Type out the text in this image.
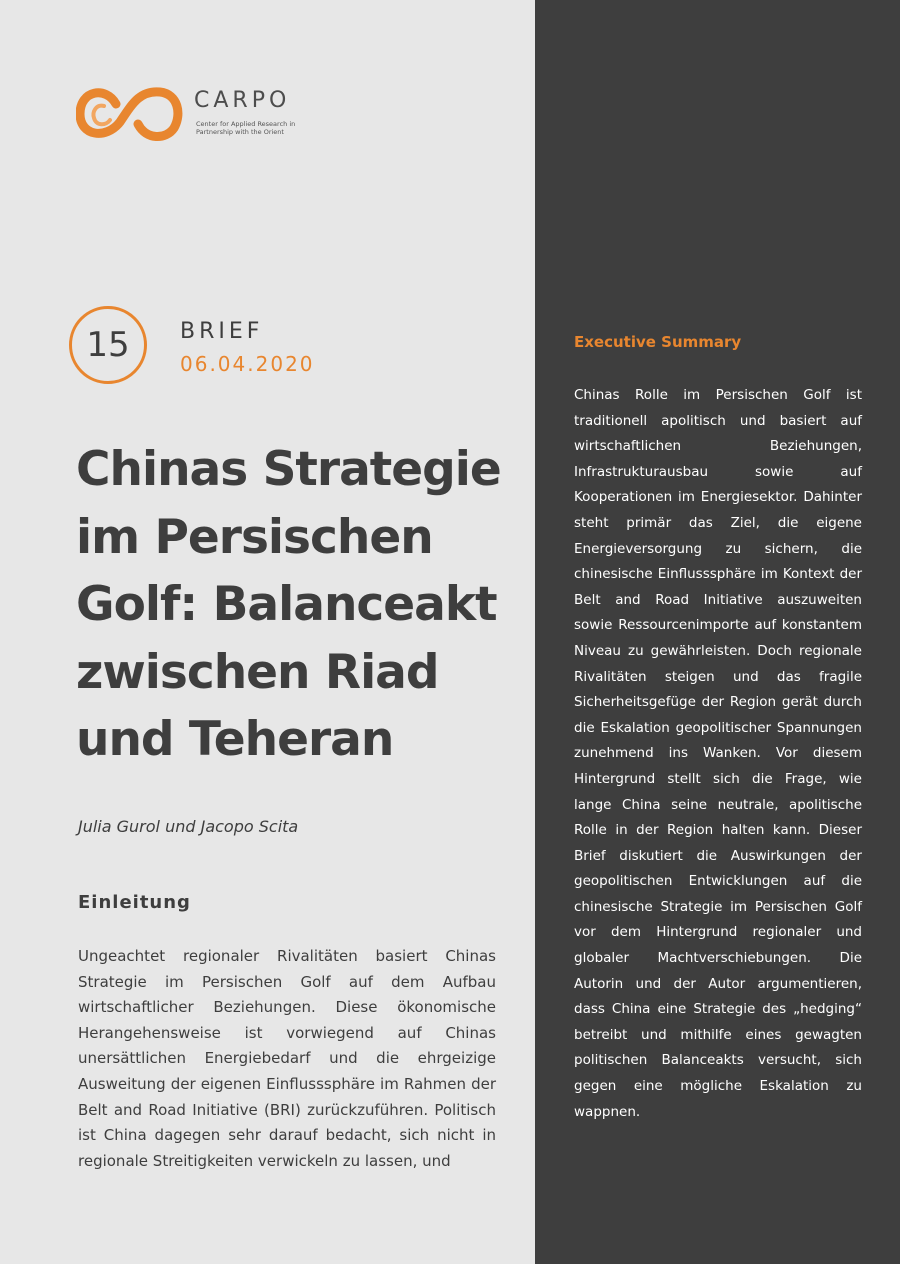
CARPO
Center for Applied Research in Partnership with the Orient
15	BRIEF
06.04.2020
Chinas Strategie im Persischen Golf: Balanceakt zwischen Riad und Teheran
Julia Gurol und Jacopo Scita
Einleitung

Ungeachtet regionaler Rivalitäten basiert Chinas Strategie im Persischen Golf auf dem Aufbau wirtschaftlicher Beziehungen. Diese ökonomische Herangehensweise ist vorwiegend auf Chinas unersättlichen Energiebedarf und die ehrgeizige Ausweitung der eigenen Einflusssphäre im Rahmen der Belt and Road Initiative (BRI) zurückzuführen. Politisch ist China dagegen sehr darauf bedacht, sich nicht in regionale Streitigkeiten verwickeln zu lassen, und

Executive Summary

Chinas Rolle im Persischen Golf ist traditionell apolitisch und basiert auf wirtschaftlichen Beziehungen, Infrastrukturausbau sowie auf Kooperationen im Energiesektor. Dahinter steht primär das Ziel, die eigene Energieversorgung zu sichern, die chinesische Einflusssphäre im Kontext der Belt and Road Initiative auszuweiten sowie Ressourcenimporte auf konstantem Niveau zu gewährleisten. Doch regionale Rivalitäten steigen und das fragile Sicherheitsgefüge der Region gerät durch die Eskalation geopolitischer Spannungen zunehmend ins Wanken. Vor diesem Hintergrund stellt sich die Frage, wie lange China seine neutrale, apolitische Rolle in der Region halten kann. Dieser Brief diskutiert die Auswirkungen der geopolitischen Entwicklungen auf die chinesische Strategie im Persischen Golf vor dem Hintergrund regionaler und globaler Machtverschiebungen. Die Autorin und der Autor argumentieren, dass China eine Strategie des „hedging“ betreibt und mithilfe eines gewagten politischen Balanceakts versucht, sich gegen eine mögliche Eskalation zu wappnen.
